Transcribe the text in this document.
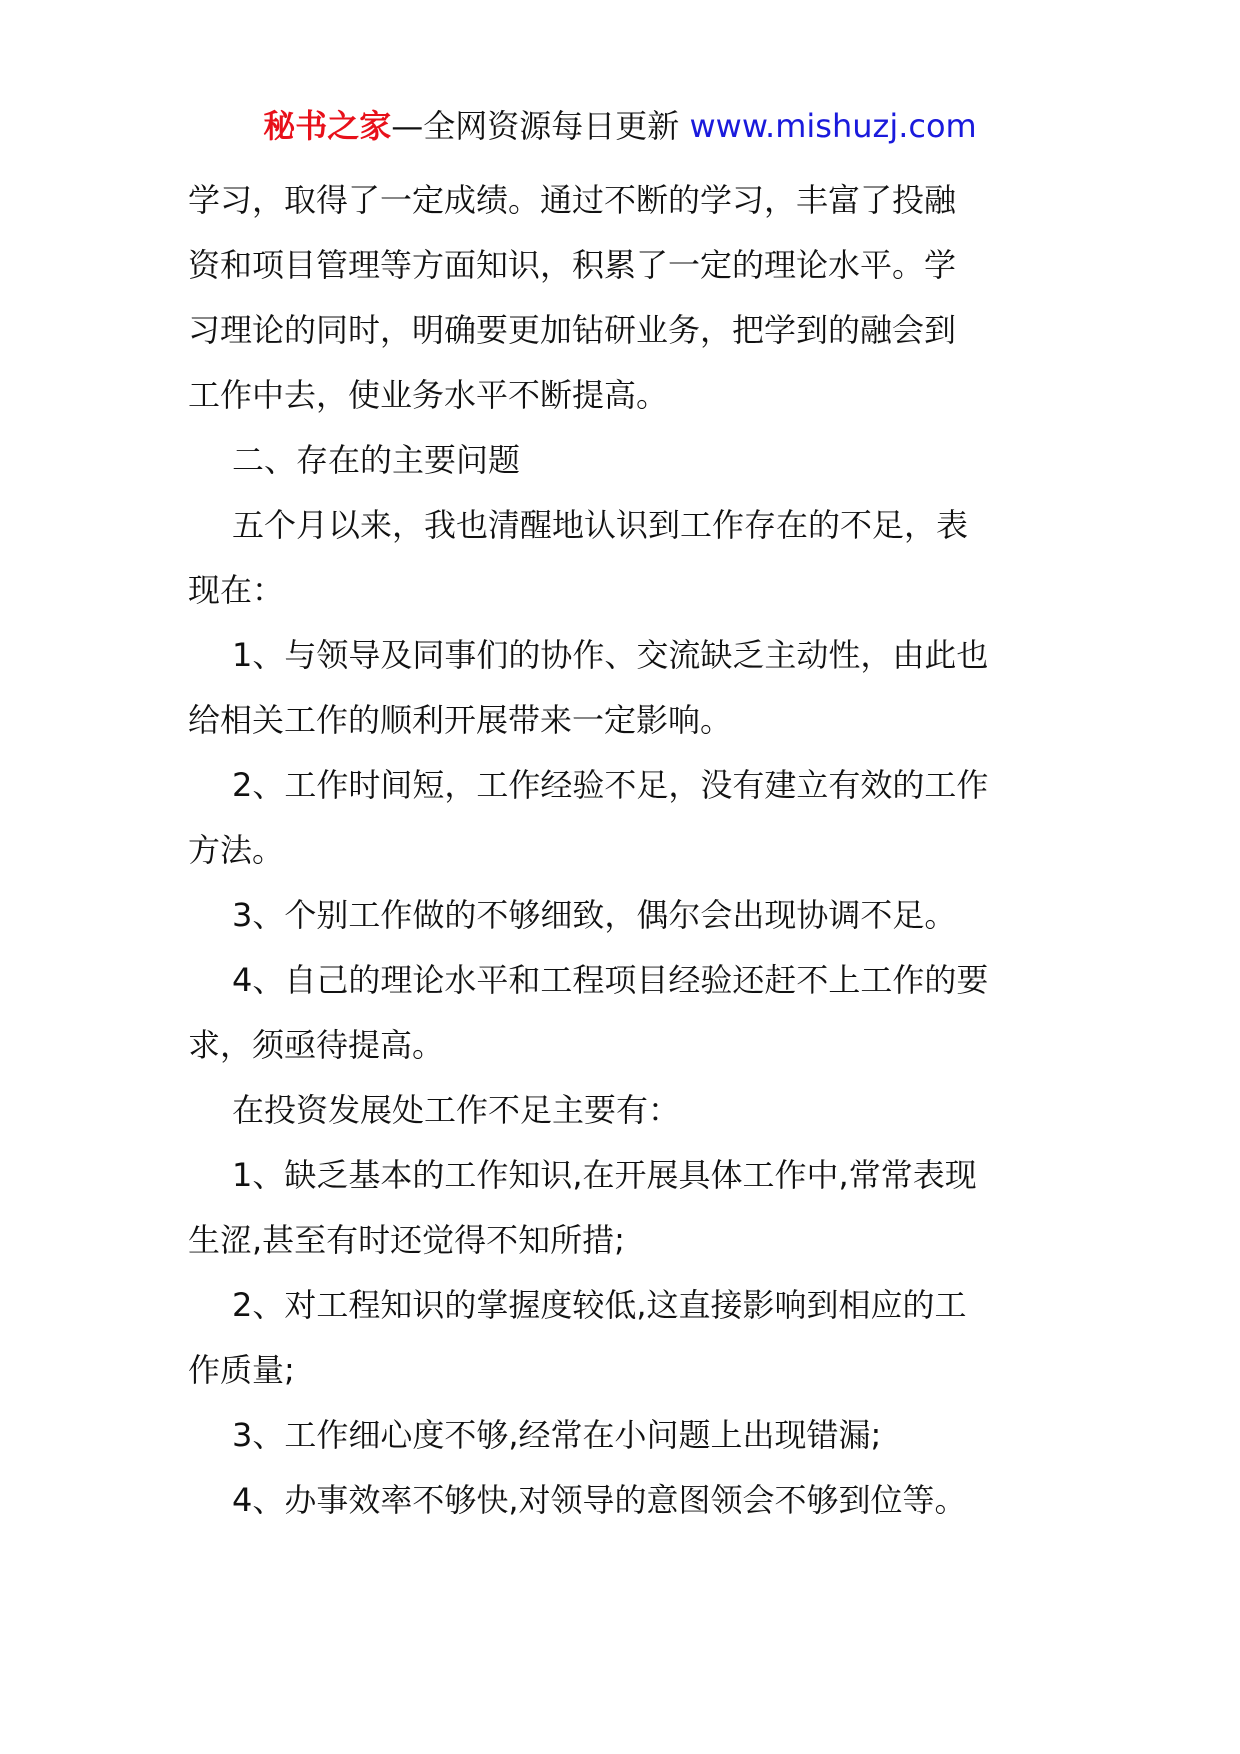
秘书之家—全网资源每日更新 www.mishuzj.com

学习，取得了一定成绩。通过不断的学习，丰富了投融
资和项目管理等方面知识，积累了一定的理论水平。学
习理论的同时，明确要更加钻研业务，把学到的融会到
工作中去，使业务水平不断提高。

二、存在的主要问题

五个月以来，我也清醒地认识到工作存在的不足，表
现在：

1、与领导及同事们的协作、交流缺乏主动性，由此也
给相关工作的顺利开展带来一定影响。

2、工作时间短，工作经验不足，没有建立有效的工作
方法。

3、个别工作做的不够细致，偶尔会出现协调不足。

4、自己的理论水平和工程项目经验还赶不上工作的要
求，须亟待提高。

在投资发展处工作不足主要有：

1、缺乏基本的工作知识,在开展具体工作中,常常表现
生涩,甚至有时还觉得不知所措;

2、对工程知识的掌握度较低,这直接影响到相应的工
作质量;

3、工作细心度不够,经常在小问题上出现错漏;

4、办事效率不够快,对领导的意图领会不够到位等。
